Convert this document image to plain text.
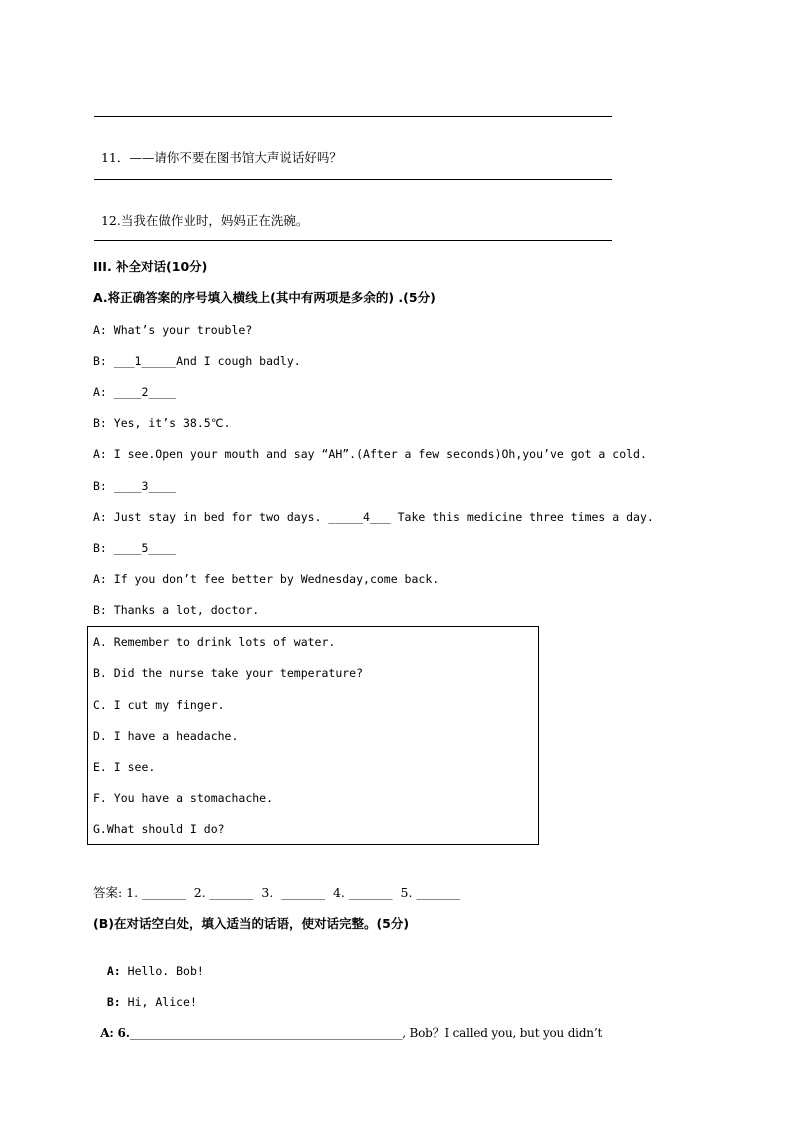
11．——请你不要在图书馆大声说话好吗？

12.当我在做作业时，妈妈正在洗碗。

III. 补全对话(10分)
A.将正确答案的序号填入横线上(其中有两项是多余的) .(5分)
A: What’s your trouble?
B: ___1_____And I cough badly.
A: ____2____
B: Yes, it’s 38.5℃.
A: I see.Open your mouth and say “AH”.(After a few seconds)Oh,you’ve got a cold.
B: ____3____
A: Just stay in bed for two days. _____4___ Take this medicine three times a day.
B: ____5____
A: If you don’t fee better by Wednesday,come back.
B: Thanks a lot, doctor.
A. Remember to drink lots of water.
B. Did the nurse take your temperature?
C. I cut my finger.
D. I have a headache.
E. I see.
F. You have a stomachache.
G.What should I do?
答案: 1. _______  2. _______  3.  _______  4. _______  5. _______
(B)在对话空白处，填入适当的话语，使对话完整。(5分)

A: Hello. Bob!

B: Hi, Alice!

A: 6._______________________________________________, Bob？I called you, but you didn’t
